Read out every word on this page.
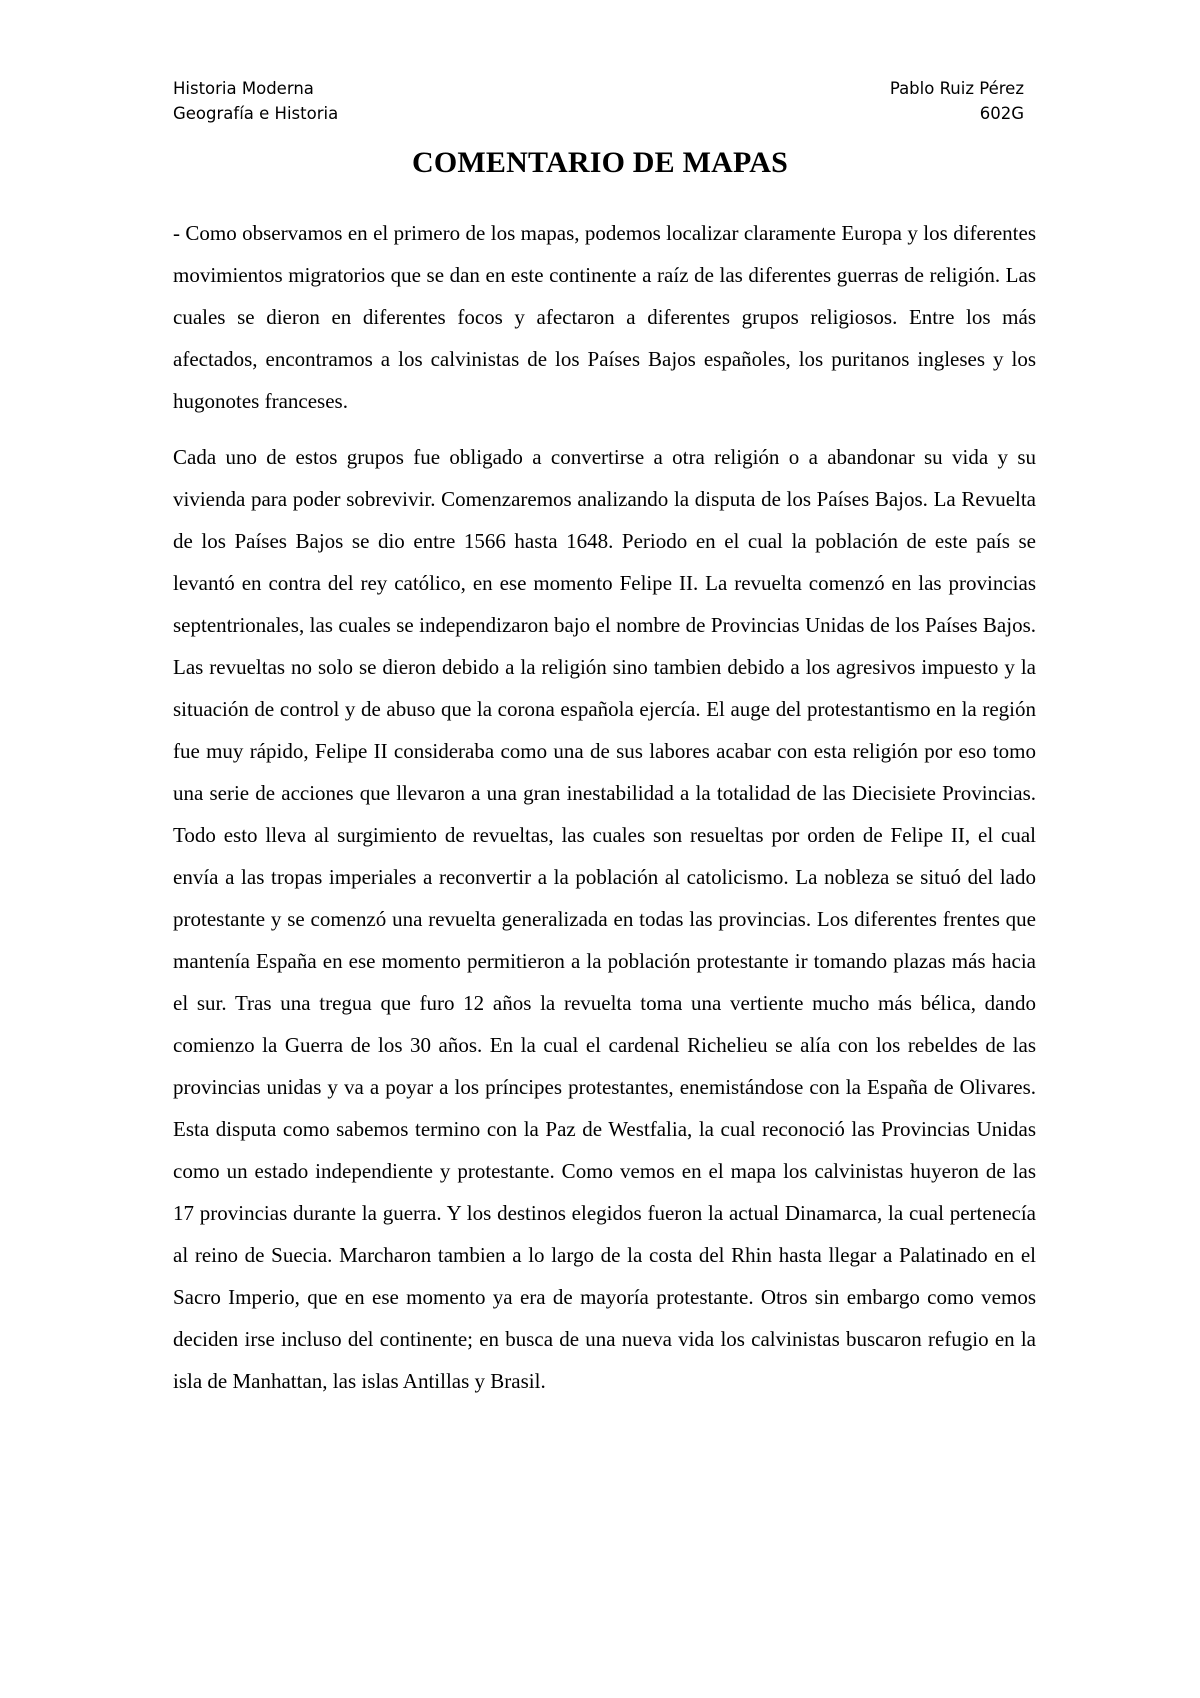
Historia Moderna	Pablo Ruiz Pérez
Geografía e Historia	602G
COMENTARIO DE MAPAS

- Como observamos en el primero de los mapas, podemos localizar claramente Europa y los diferentes movimientos migratorios que se dan en este continente a raíz de las diferentes guerras de religión. Las cuales se dieron en diferentes focos y afectaron a diferentes grupos religiosos. Entre los más afectados, encontramos a los calvinistas de los Países Bajos españoles, los puritanos ingleses y los hugonotes franceses.

Cada uno de estos grupos fue obligado a convertirse a otra religión o a abandonar su vida y su vivienda para poder sobrevivir. Comenzaremos analizando la disputa de los Países Bajos. La Revuelta de los Países Bajos se dio entre 1566 hasta 1648. Periodo en el cual la población de este país se levantó en contra del rey católico, en ese momento Felipe II. La revuelta comenzó en las provincias septentrionales, las cuales se independizaron bajo el nombre de Provincias Unidas de los Países Bajos. Las revueltas no solo se dieron debido a la religión sino tambien debido a los agresivos impuesto y la situación de control y de abuso que la corona española ejercía. El auge del protestantismo en la región fue muy rápido, Felipe II consideraba como una de sus labores acabar con esta religión por eso tomo una serie de acciones que llevaron a una gran inestabilidad a la totalidad de las Diecisiete Provincias. Todo esto lleva al surgimiento de revueltas, las cuales son resueltas por orden de Felipe II, el cual envía a las tropas imperiales a reconvertir a la población al catolicismo. La nobleza se situó del lado protestante y se comenzó una revuelta generalizada en todas las provincias. Los diferentes frentes que mantenía España en ese momento permitieron a la población protestante ir tomando plazas más hacia el sur. Tras una tregua que furo 12 años la revuelta toma una vertiente mucho más bélica, dando comienzo la Guerra de los 30 años. En la cual el cardenal Richelieu se alía con los rebeldes de las provincias unidas y va a poyar a los príncipes protestantes, enemistándose con la España de Olivares. Esta disputa como sabemos termino con la Paz de Westfalia, la cual reconoció las Provincias Unidas como un estado independiente y protestante. Como vemos en el mapa los calvinistas huyeron de las 17 provincias durante la guerra. Y los destinos elegidos fueron la actual Dinamarca, la cual pertenecía al reino de Suecia. Marcharon tambien a lo largo de la costa del Rhin hasta llegar a Palatinado en el Sacro Imperio, que en ese momento ya era de mayoría protestante. Otros sin embargo como vemos deciden irse incluso del continente; en busca de una nueva vida los calvinistas buscaron refugio en la isla de Manhattan, las islas Antillas y Brasil.
